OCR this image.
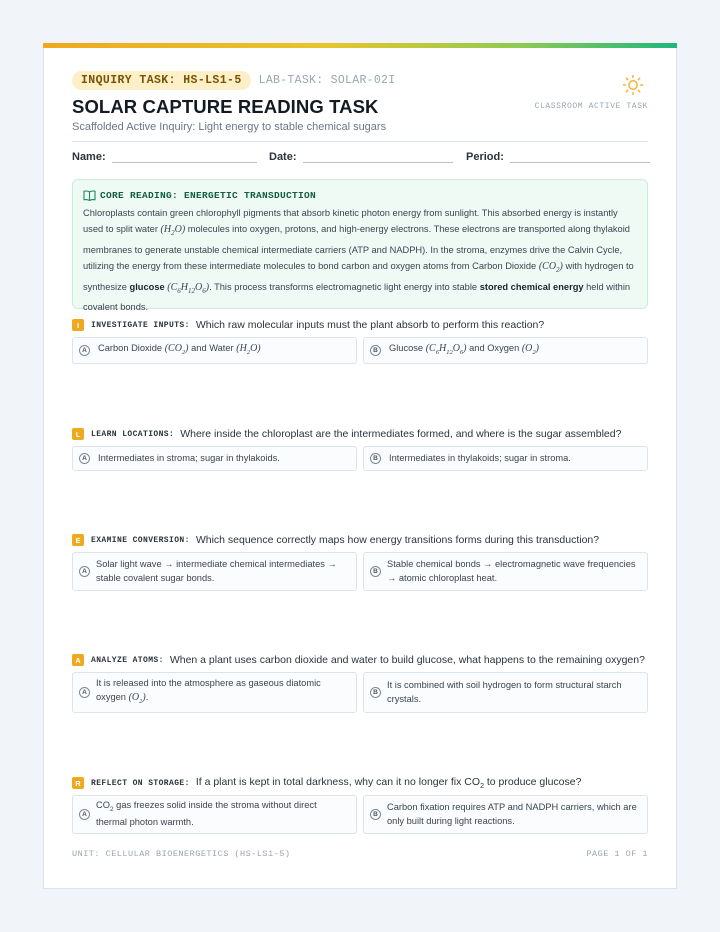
INQUIRY TASK: HS-LS1-5	LAB-TASK: SOLAR-02I
SOLAR CAPTURE READING TASK	CLASSROOM ACTIVE TASK
Scaffolded Active Inquiry: Light energy to stable chemical sugars
Name:	Date:	Period:
CORE READING: ENERGETIC TRANSDUCTION
Chloroplasts contain green chlorophyll pigments that absorb kinetic photon energy from sunlight. This absorbed energy is instantly used to split water $(H_2O)$ molecules into oxygen, protons, and high-energy electrons. These electrons are transported along thylakoid membranes to generate unstable chemical intermediate carriers (ATP and NADPH). In the stroma, enzymes drive the Calvin Cycle, utilizing the energy from these intermediate molecules to bond carbon and oxygen atoms from Carbon Dioxide $(CO_2)$ with hydrogen to synthesize glucose $(C_6H_{12}O_6)$. This process transforms electromagnetic light energy into stable stored chemical energy held within covalent bonds.
I	INVESTIGATE INPUTS: Which raw molecular inputs must the plant absorb to perform this reaction?
A	Carbon Dioxide $(CO_2)$ and Water $(H_2O)$	B	Glucose $(C_6H_{12}O_6)$ and Oxygen $(O_2)$
L	LEARN LOCATIONS: Where inside the chloroplast are the intermediates formed, and where is the sugar assembled?
A	Intermediates in stroma; sugar in thylakoids.	B	Intermediates in thylakoids; sugar in stroma.
E	EXAMINE CONVERSION: Which sequence correctly maps how energy transitions forms during this transduction?
A
Solar light wave → intermediate chemical intermediates → stable covalent sugar bonds.
B
Stable chemical bonds → electromagnetic wave frequencies → atomic chloroplast heat.
A	ANALYZE ATOMS: When a plant uses carbon dioxide and water to build glucose, what happens to the remaining oxygen?
A
It is released into the atmosphere as gaseous diatomic oxygen $(O_2)$.	B
It is combined with soil hydrogen to form structural starch crystals.
R	REFLECT ON STORAGE: If a plant is kept in total darkness, why can it no longer fix $CO_2$ to produce glucose?
A
$CO_2$ gas freezes solid inside the stroma without direct thermal photon warmth.
B
Carbon fixation requires ATP and NADPH carriers, which are only built during light reactions.
UNIT: CELLULAR BIOENERGETICS (HS-LS1-5)	PAGE 1 OF 1
